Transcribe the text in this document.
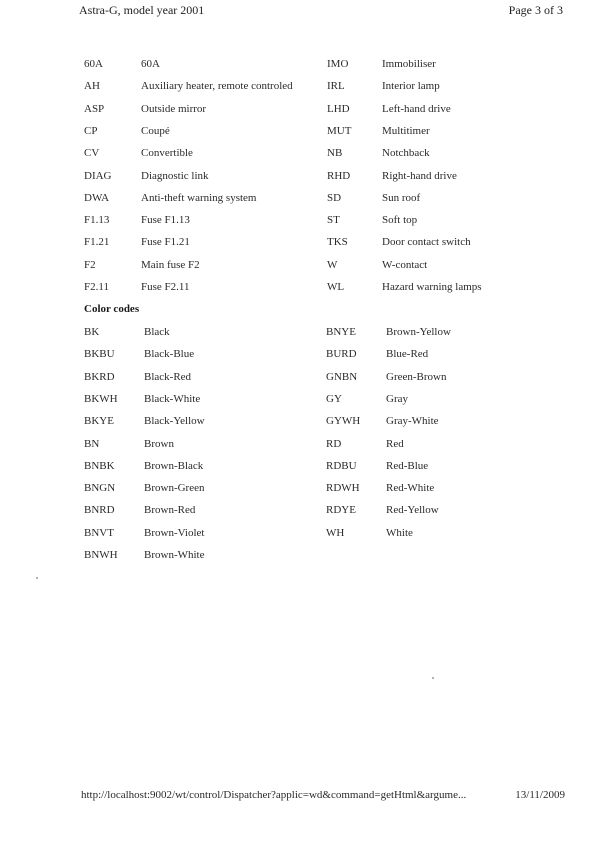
Astra-G, model year 2001	Page 3 of 3
60A	60A	IMO	Immobiliser
AH	Auxiliary heater, remote controled	IRL	Interior lamp
ASP	Outside mirror	LHD	Left-hand drive
CP	Coupé	MUT	Multitimer
CV	Convertible	NB	Notchback
DIAG	Diagnostic link	RHD	Right-hand drive
DWA	Anti-theft warning system	SD	Sun roof
F1.13	Fuse F1.13	ST	Soft top
F1.21	Fuse F1.21	TKS	Door contact switch
F2	Main fuse F2	W	W-contact
F2.11	Fuse F2.11	WL	Hazard warning lamps
Color codes
BK	Black	BNYE	Brown-Yellow
BKBU	Black-Blue	BURD	Blue-Red
BKRD	Black-Red	GNBN	Green-Brown
BKWH Black-White	GY	Gray
BKYE	Black-Yellow	GYWH Gray-White
BN	Brown	RD	Red
BNBK	Brown-Black	RDBU	Red-Blue
BNGN	Brown-Green	RDWH Red-White
BNRD	Brown-Red	RDYE	Red-Yellow
BNVT	Brown-Violet	WH	White
BNWH Brown-White
http://localhost:9002/wt/control/Dispatcher?applic=wd&command=getHtml&argume...	13/11/2009
